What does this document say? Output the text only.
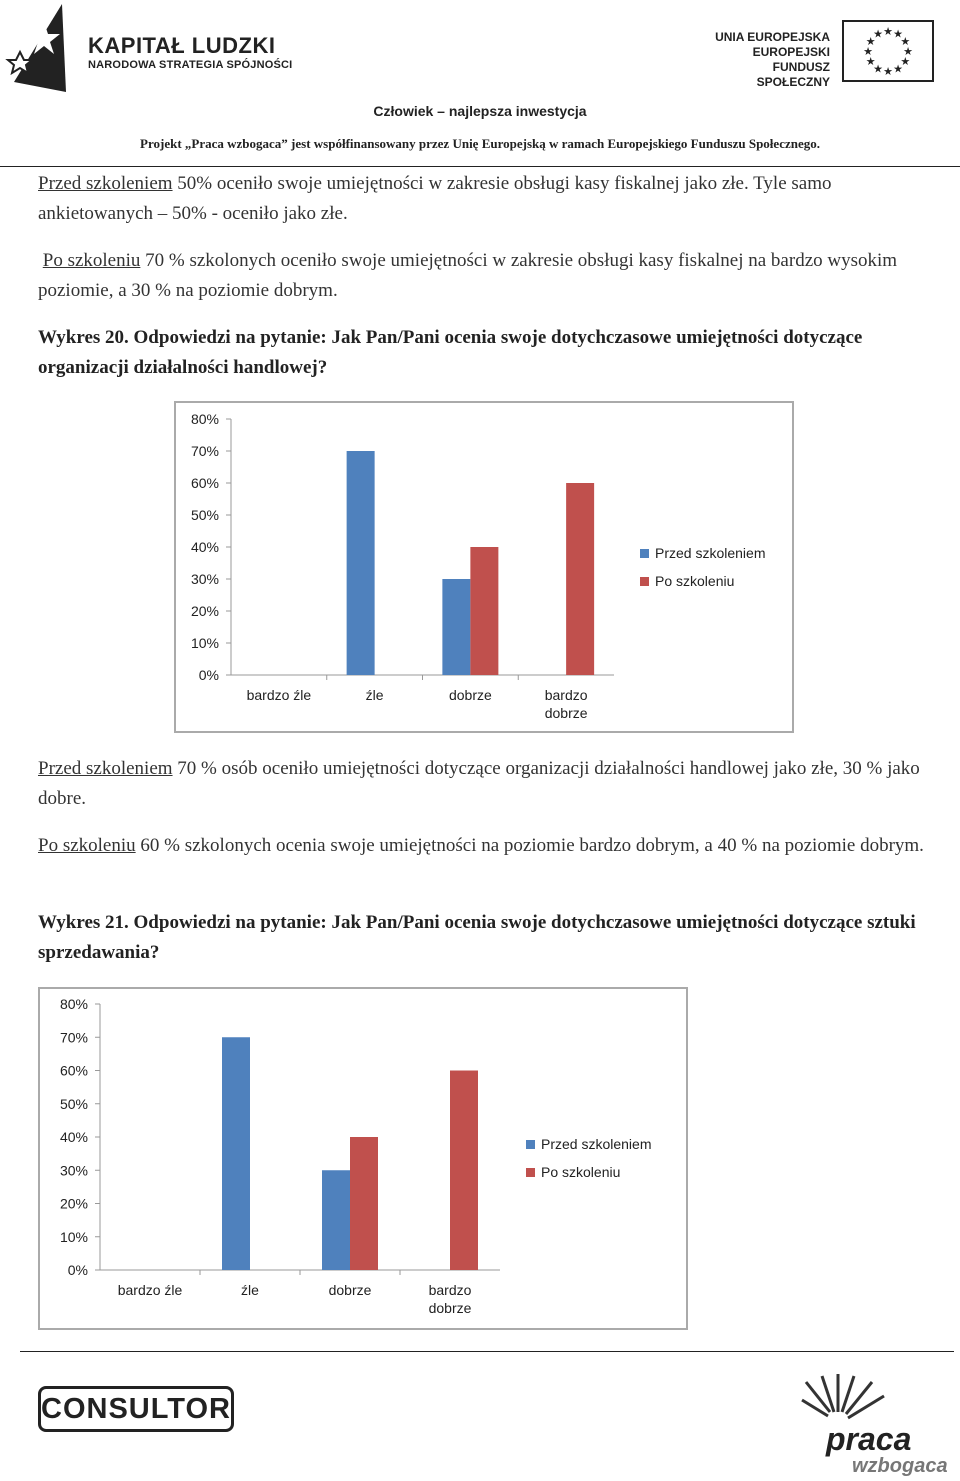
KAPITAŁ LUDZKI
NARODOWA STRATEGIA SPÓJNOŚCI
UNIA EUROPEJSKA
EUROPEJSKI
FUNDUSZ SPOŁECZNY
★
★
★
★
★
★
★
★
★ ★ ★
★
Człowiek – najlepsza inwestycja
Projekt „Praca wzbogaca” jest współfinansowany przez Unię Europejską w ramach Europejskiego Funduszu Społecznego.
Przed szkoleniem 50% oceniło swoje umiejętności w zakresie obsługi kasy fiskalnej jako złe. Tyle samo ankietowanych – 50% - oceniło jako złe.
Po szkoleniu 70 % szkolonych oceniło swoje umiejętności w zakresie obsługi kasy fiskalnej na bardzo wysokim poziomie, a 30 % na poziomie dobrym.
Wykres 20. Odpowiedzi na pytanie: Jak Pan/Pani ocenia swoje dotychczasowe umiejętności dotyczące organizacji działalności handlowej?
0%
10%
20%
30%
40%
50%
60%
70%
80%
bardzo źle	źle	dobrze	bardzo
dobrze
Przed szkoleniem
Po szkoleniu
Przed szkoleniem 70 % osób oceniło umiejętności dotyczące organizacji działalności handlowej jako złe, 30 % jako dobre.
Po szkoleniu 60 % szkolonych ocenia swoje umiejętności na poziomie bardzo dobrym, a 40 % na poziomie dobrym.
Wykres 21. Odpowiedzi na pytanie: Jak Pan/Pani ocenia swoje dotychczasowe umiejętności dotyczące sztuki sprzedawania?
0%
10%
20%
30%
40%
50%
60%
70%
80%
bardzo źle	źle	dobrze	bardzo
dobrze
Przed szkoleniem
Po szkoleniu
CONSULTOR
praca
wzbogaca
